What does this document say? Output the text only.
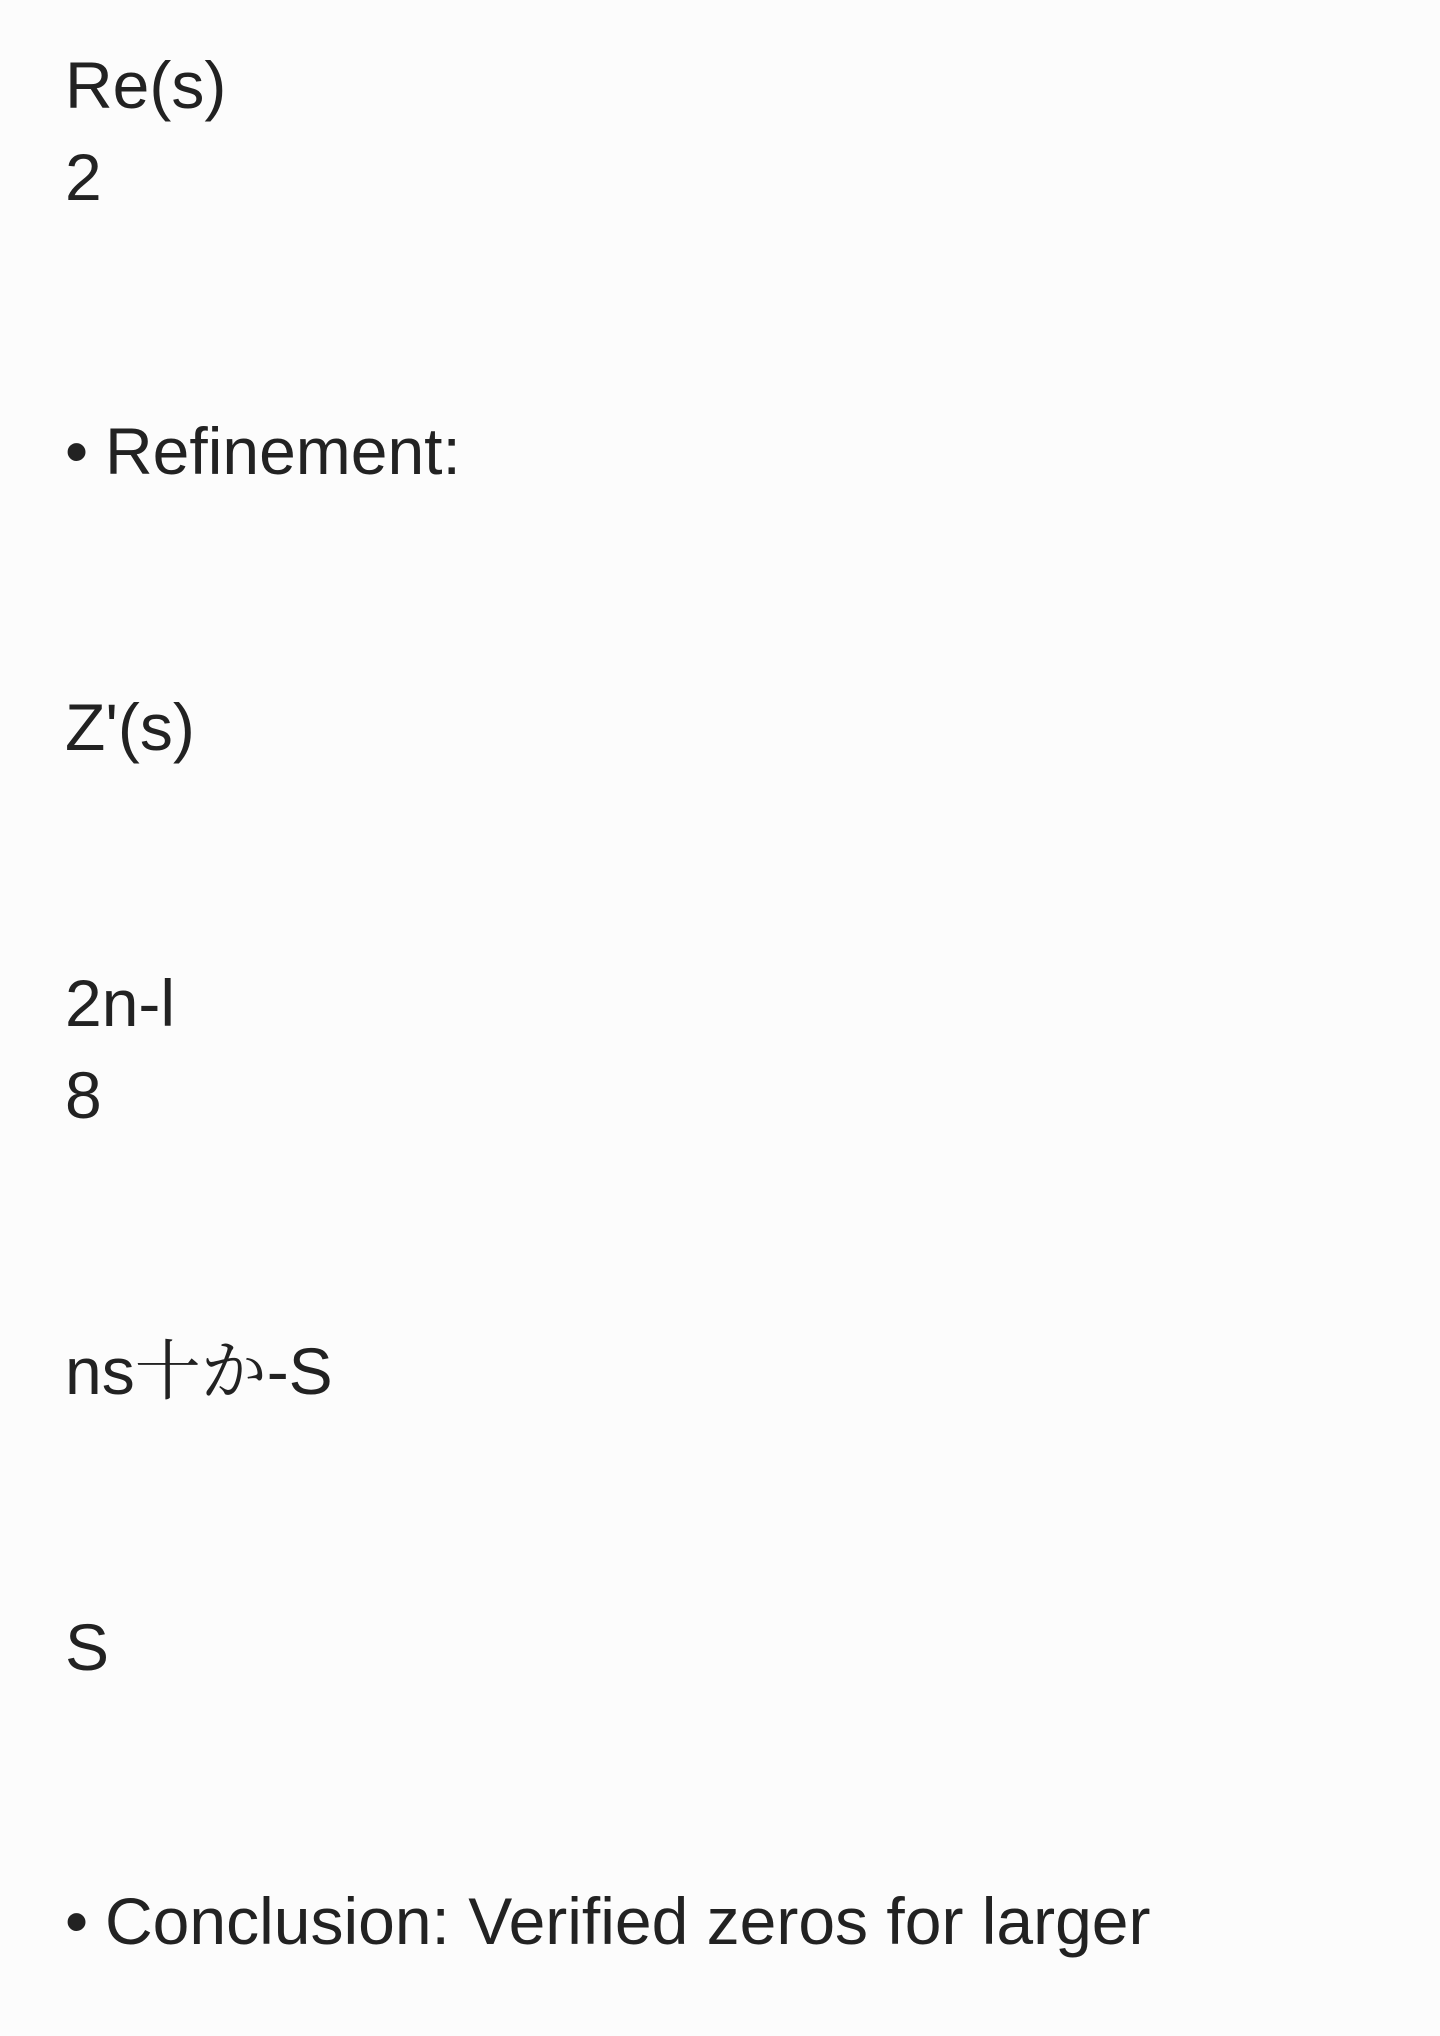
Re(s)
2
• Refinement:
Z'(s)
2n-l
8
ns十か-S
S
• Conclusion: Verified zeros for larger
